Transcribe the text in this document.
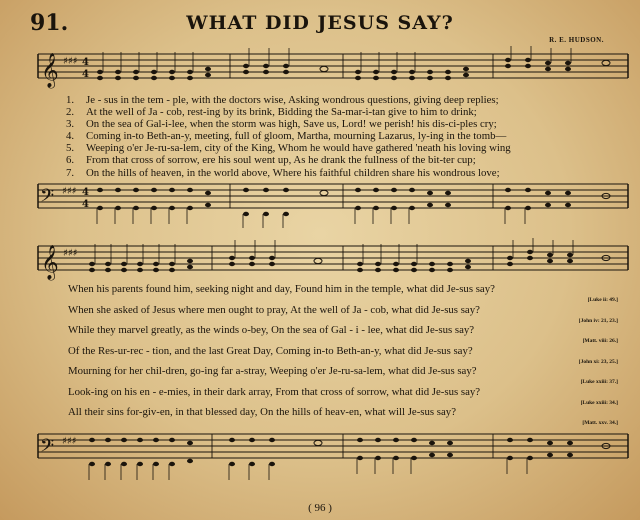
91.	WHAT DID JESUS SAY?
R. E. HUDSON.
𝄞 ♯♯♯ 4
4
1. Je - sus in the tem - ple, with the doctors wise, Asking wondrous questions, giving deep replies;
2. At the well of Ja - cob, rest-ing by its brink, Bidding the Sa-mar-i-tan give to him to drink;
3. On the sea of Gal-i-lee, when the storm was high, Save us, Lord! we perish! his dis-ci-ples cry;
4. Coming in-to Beth-an-y, meeting, full of gloom, Martha, mourning Lazarus, ly-ing in the tomb—
5. Weeping o'er Je-ru-sa-lem, city of the King, Whom he would have gathered 'neath his loving wing
6. From that cross of sorrow, ere his soul went up, As he drank the fullness of the bit-ter cup;
7. On the hills of heaven, in the world above, Where his faithful children share his wondrous love;
𝄢 ♯♯♯ 4
4
𝄞 ♯♯♯
When his parents found him, seeking night and day, Found him in the temple, what did Je-sus say?
[Luke ii: 49.]
When she asked of Jesus where men ought to pray, At the well of Ja - cob, what did Je-sus say?
[John iv: 21, 23.]
While they marvel greatly, as the winds o-bey, On the sea of Gal - i - lee, what did Je-sus say?
[Matt. viii: 26.]
Of the Res-ur-rec - tion, and the last Great Day, Coming in-to Beth-an-y, what did Je-sus say?
[John xi: 23, 25.]
Mourning for her chil-dren, go-ing far a-stray, Weeping o'er Je-ru-sa-lem, what did Je-sus say?
[Luke xxiii: 37.]
Look-ing on his en - e-mies, in their dark array, From that cross of sorrow, what did Je-sus say?
[Luke xxiii: 34.]
All their sins for-giv-en, in that blessed day, On the hills of heav-en, what will Je-sus say?
[Matt. xxv. 34.]
𝄢 ♯♯♯
( 96 )
